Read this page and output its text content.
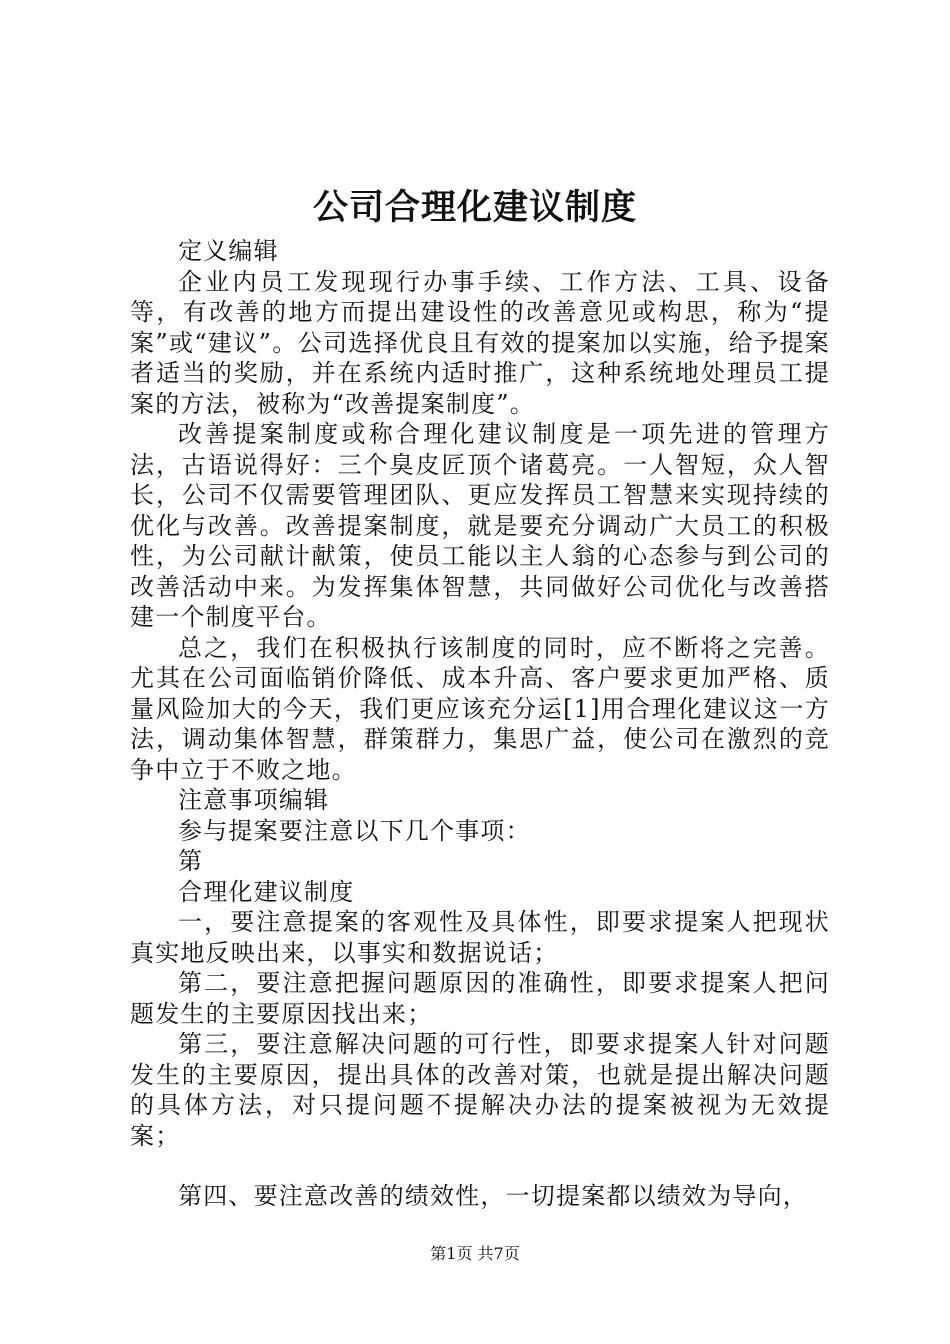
公司合理化建议制度

定义编辑

企业内员工发现现行办事手续、工作方法、工具、设备等，有改善的地方而提出建设性的改善意见或构思，称为“提案”或“建议”。公司选择优良且有效的提案加以实施，给予提案者适当的奖励，并在系统内适时推广，这种系统地处理员工提案的方法，被称为“改善提案制度”。

改善提案制度或称合理化建议制度是一项先进的管理方法，古语说得好：三个臭皮匠顶个诸葛亮。一人智短，众人智长，公司不仅需要管理团队、更应发挥员工智慧来实现持续的优化与改善。改善提案制度，就是要充分调动广大员工的积极性，为公司献计献策，使员工能以主人翁的心态参与到公司的改善活动中来。为发挥集体智慧，共同做好公司优化与改善搭建一个制度平台。

总之，我们在积极执行该制度的同时，应不断将之完善。尤其在公司面临销价降低、成本升高、客户要求更加严格、质量风险加大的今天，我们更应该充分运[1]用合理化建议这一方法，调动集体智慧，群策群力，集思广益，使公司在激烈的竞争中立于不败之地。

注意事项编辑

参与提案要注意以下几个事项：

第

合理化建议制度

一，要注意提案的客观性及具体性，即要求提案人把现状真实地反映出来，以事实和数据说话；

第二，要注意把握问题原因的准确性，即要求提案人把问题发生的主要原因找出来；

第三，要注意解决问题的可行性，即要求提案人针对问题发生的主要原因，提出具体的改善对策，也就是提出解决问题的具体方法，对只提问题不提解决办法的提案被视为无效提案；

第四、要注意改善的绩效性，一切提案都以绩效为导向，

第1页 共7页
